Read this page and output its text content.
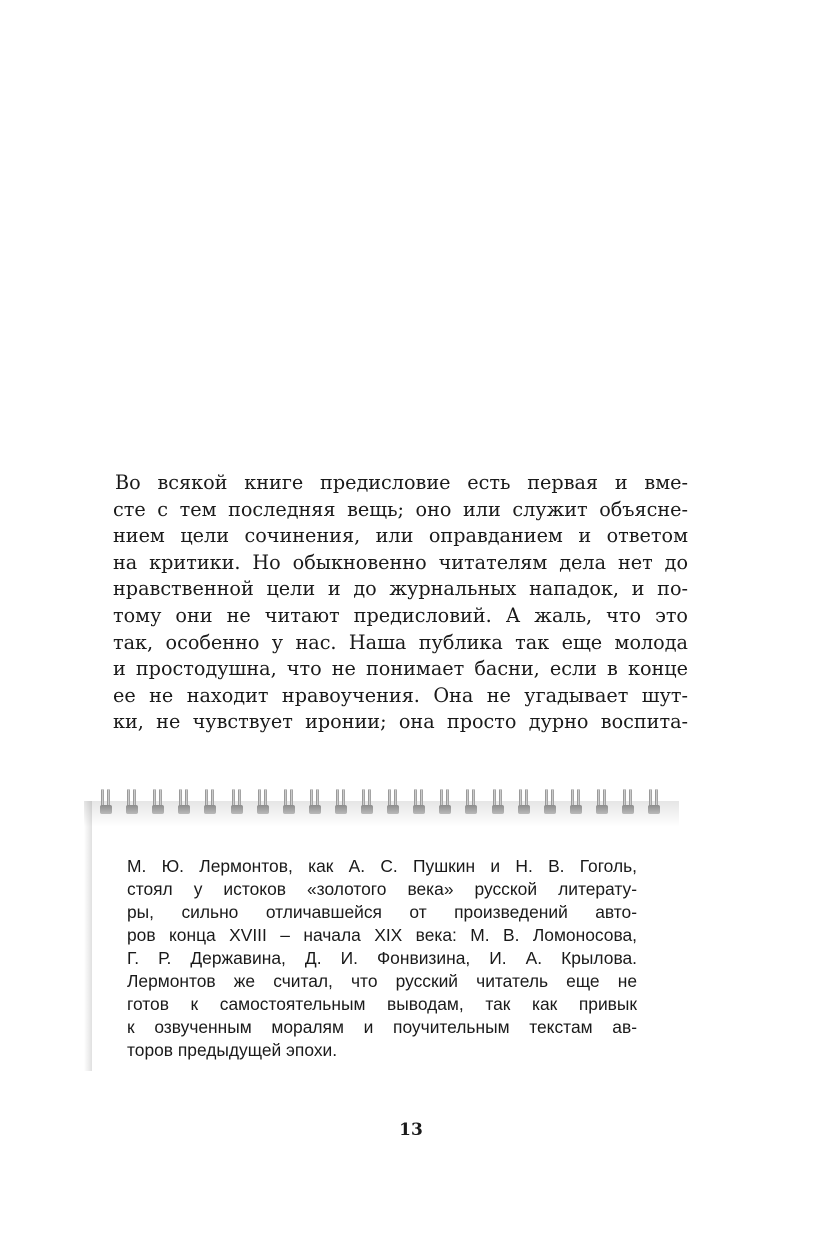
Во всякой книге предисловие есть первая и вме-
сте с тем последняя вещь; оно или служит объясне-
нием цели сочинения, или оправданием и ответом
на критики. Но обыкновенно читателям дела нет до
нравственной цели и до журнальных нападок, и по-
тому они не читают предисловий. А жаль, что это
так, особенно у нас. Наша публика так еще молода
и простодушна, что не понимает басни, если в конце
ее не находит нравоучения. Она не угадывает шут-
ки, не чувствует иронии; она просто дурно воспита-
М. Ю. Лермонтов, как А. С. Пушкин и Н. В. Гоголь,
стоял у истоков «золотого века» русской литерату-
ры, сильно отличавшейся от произведений авто-
ров конца XVIII – начала XIX века: М. В. Ломоносова,
Г. Р. Державина, Д. И. Фонвизина, И. А. Крылова.
Лермонтов же считал, что русский читатель еще не
готов к самостоятельным выводам, так как привык
к озвученным моралям и поучительным текстам ав-
торов предыдущей эпохи.
13
